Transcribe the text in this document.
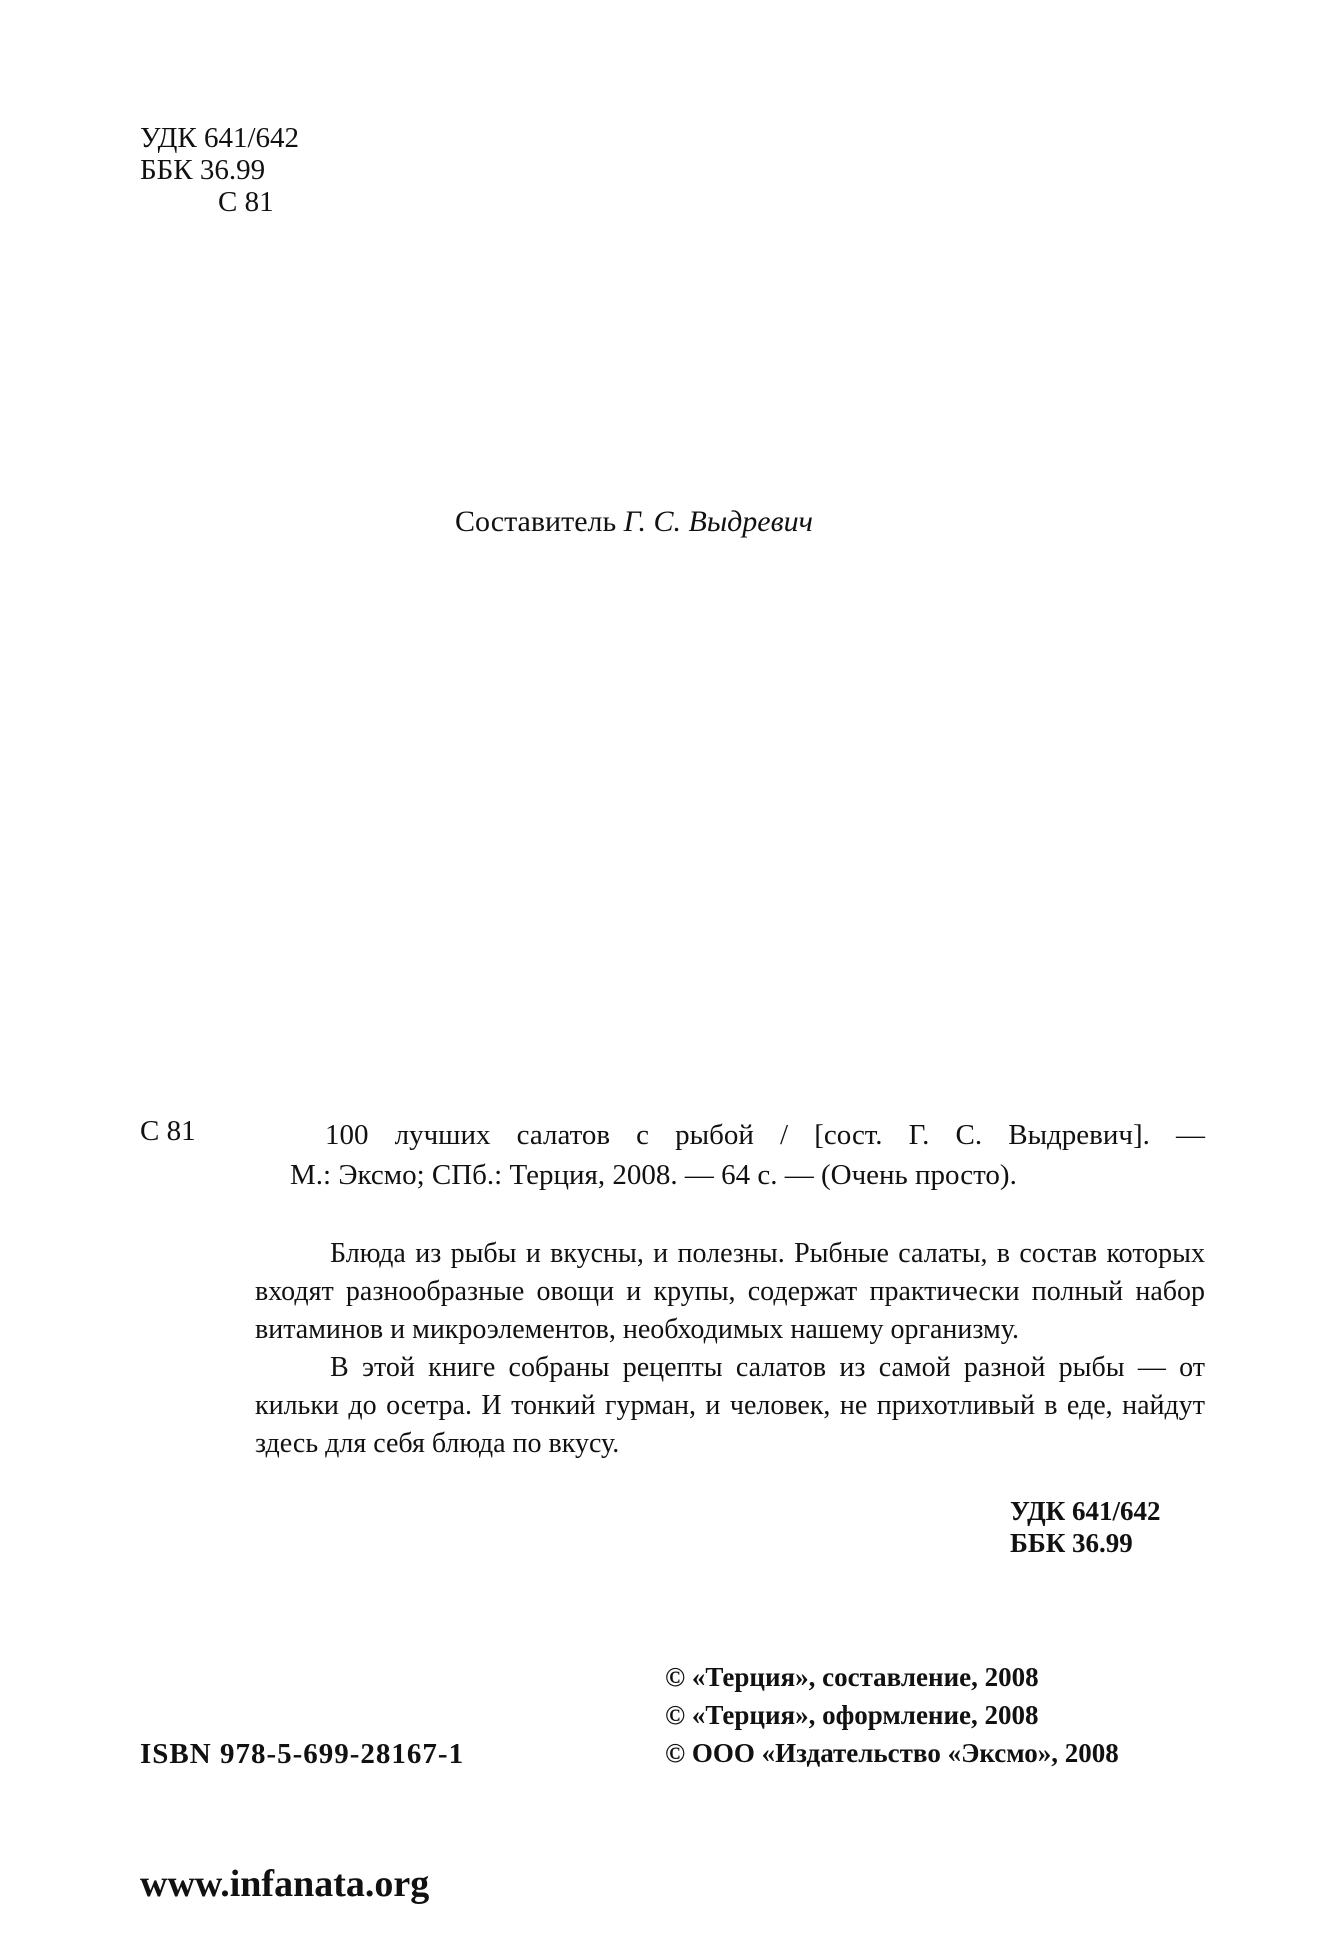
УДК 641/642
ББК 36.99
С 81
Составитель Г. С. Выдревич
С 81	100 лучших салатов с рыбой / [сост. Г. С. Выдревич]. —
М.: Эксмо; СПб.: Терция, 2008. — 64 с. — (Очень просто).

Блюда из рыбы и вкусны, и полезны. Рыбные салаты, в состав которых входят разнообразные овощи и крупы, содержат практически полный набор витаминов и микроэлементов, необходимых нашему организму.

В этой книге собраны рецепты салатов из самой разной рыбы — от кильки до осетра. И тонкий гурман, и человек, не прихотливый в еде, найдут здесь для себя блюда по вкусу.

УДК 641/642
ББК 36.99
© «Терция», составление, 2008
© «Терция», оформление, 2008
© ООО «Издательство «Эксмо», 2008
ISBN 978-5-699-28167-1
www.infanata.org
